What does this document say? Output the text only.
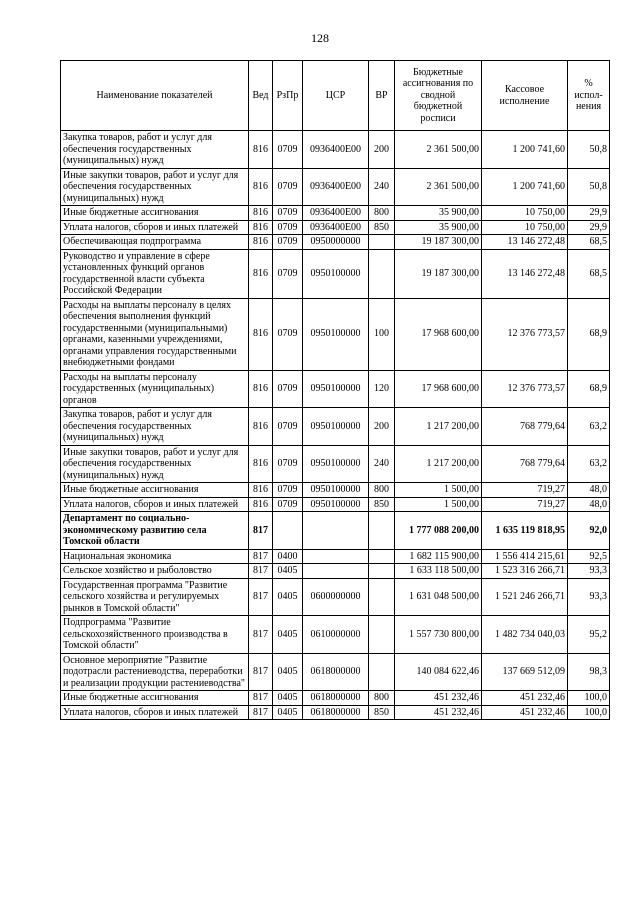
128
Наименование показателей	Вед	РзПр	ЦСР	ВР	Бюджетные ассигнования по сводной бюджетной росписи	Кассовое исполнение	% испол-нения
Закупка товаров, работ и услуг для обеспечения государственных (муниципальных) нужд	816	0709	0936400E00	200	2 361 500,00	1 200 741,60	50,8
Иные закупки товаров, работ и услуг для обеспечения государственных (муниципальных) нужд	816	0709	0936400E00	240	2 361 500,00	1 200 741,60	50,8
Иные бюджетные ассигнования	816	0709	0936400E00	800	35 900,00	10 750,00	29,9
Уплата налогов, сборов и иных платежей	816	0709	0936400E00	850	35 900,00	10 750,00	29,9
Обеспечивающая подпрограмма	816	0709	0950000000		19 187 300,00	13 146 272,48	68,5
Руководство и управление в сфере установленных функций органов государственной власти субъекта Российской Федерации	816	0709	0950100000		19 187 300,00	13 146 272,48	68,5
Расходы на выплаты персоналу в целях обеспечения выполнения функций государственными (муниципальными) органами, казенными учреждениями, органами управления государственными внебюджетными фондами	816	0709	0950100000	100	17 968 600,00	12 376 773,57	68,9
Расходы на выплаты персоналу государственных (муниципальных) органов	816	0709	0950100000	120	17 968 600,00	12 376 773,57	68,9
Закупка товаров, работ и услуг для обеспечения государственных (муниципальных) нужд	816	0709	0950100000	200	1 217 200,00	768 779,64	63,2
Иные закупки товаров, работ и услуг для обеспечения государственных (муниципальных) нужд	816	0709	0950100000	240	1 217 200,00	768 779,64	63,2
Иные бюджетные ассигнования	816	0709	0950100000	800	1 500,00	719,27	48,0
Уплата налогов, сборов и иных платежей	816	0709	0950100000	850	1 500,00	719,27	48,0
Департамент по социально-экономическому развитию села Томской области	817				1 777 088 200,00	1 635 119 818,95	92,0
Национальная экономика	817	0400			1 682 115 900,00	1 556 414 215,61	92,5
Сельское хозяйство и рыболовство	817	0405			1 633 118 500,00	1 523 316 266,71	93,3
Государственная программа "Развитие сельского хозяйства и регулируемых рынков в Томской области"	817	0405	0600000000		1 631 048 500,00	1 521 246 266,71	93,3
Подпрограмма "Развитие сельскохозяйственного производства в Томской области"	817	0405	0610000000		1 557 730 800,00	1 482 734 040,03	95,2
Основное мероприятие "Развитие подотрасли растениеводства, переработки и реализации продукции растениеводства"	817	0405	0618000000		140 084 622,46	137 669 512,09	98,3
Иные бюджетные ассигнования	817	0405	0618000000	800	451 232,46	451 232,46	100,0
Уплата налогов, сборов и иных платежей	817	0405	0618000000	850	451 232,46	451 232,46	100,0
